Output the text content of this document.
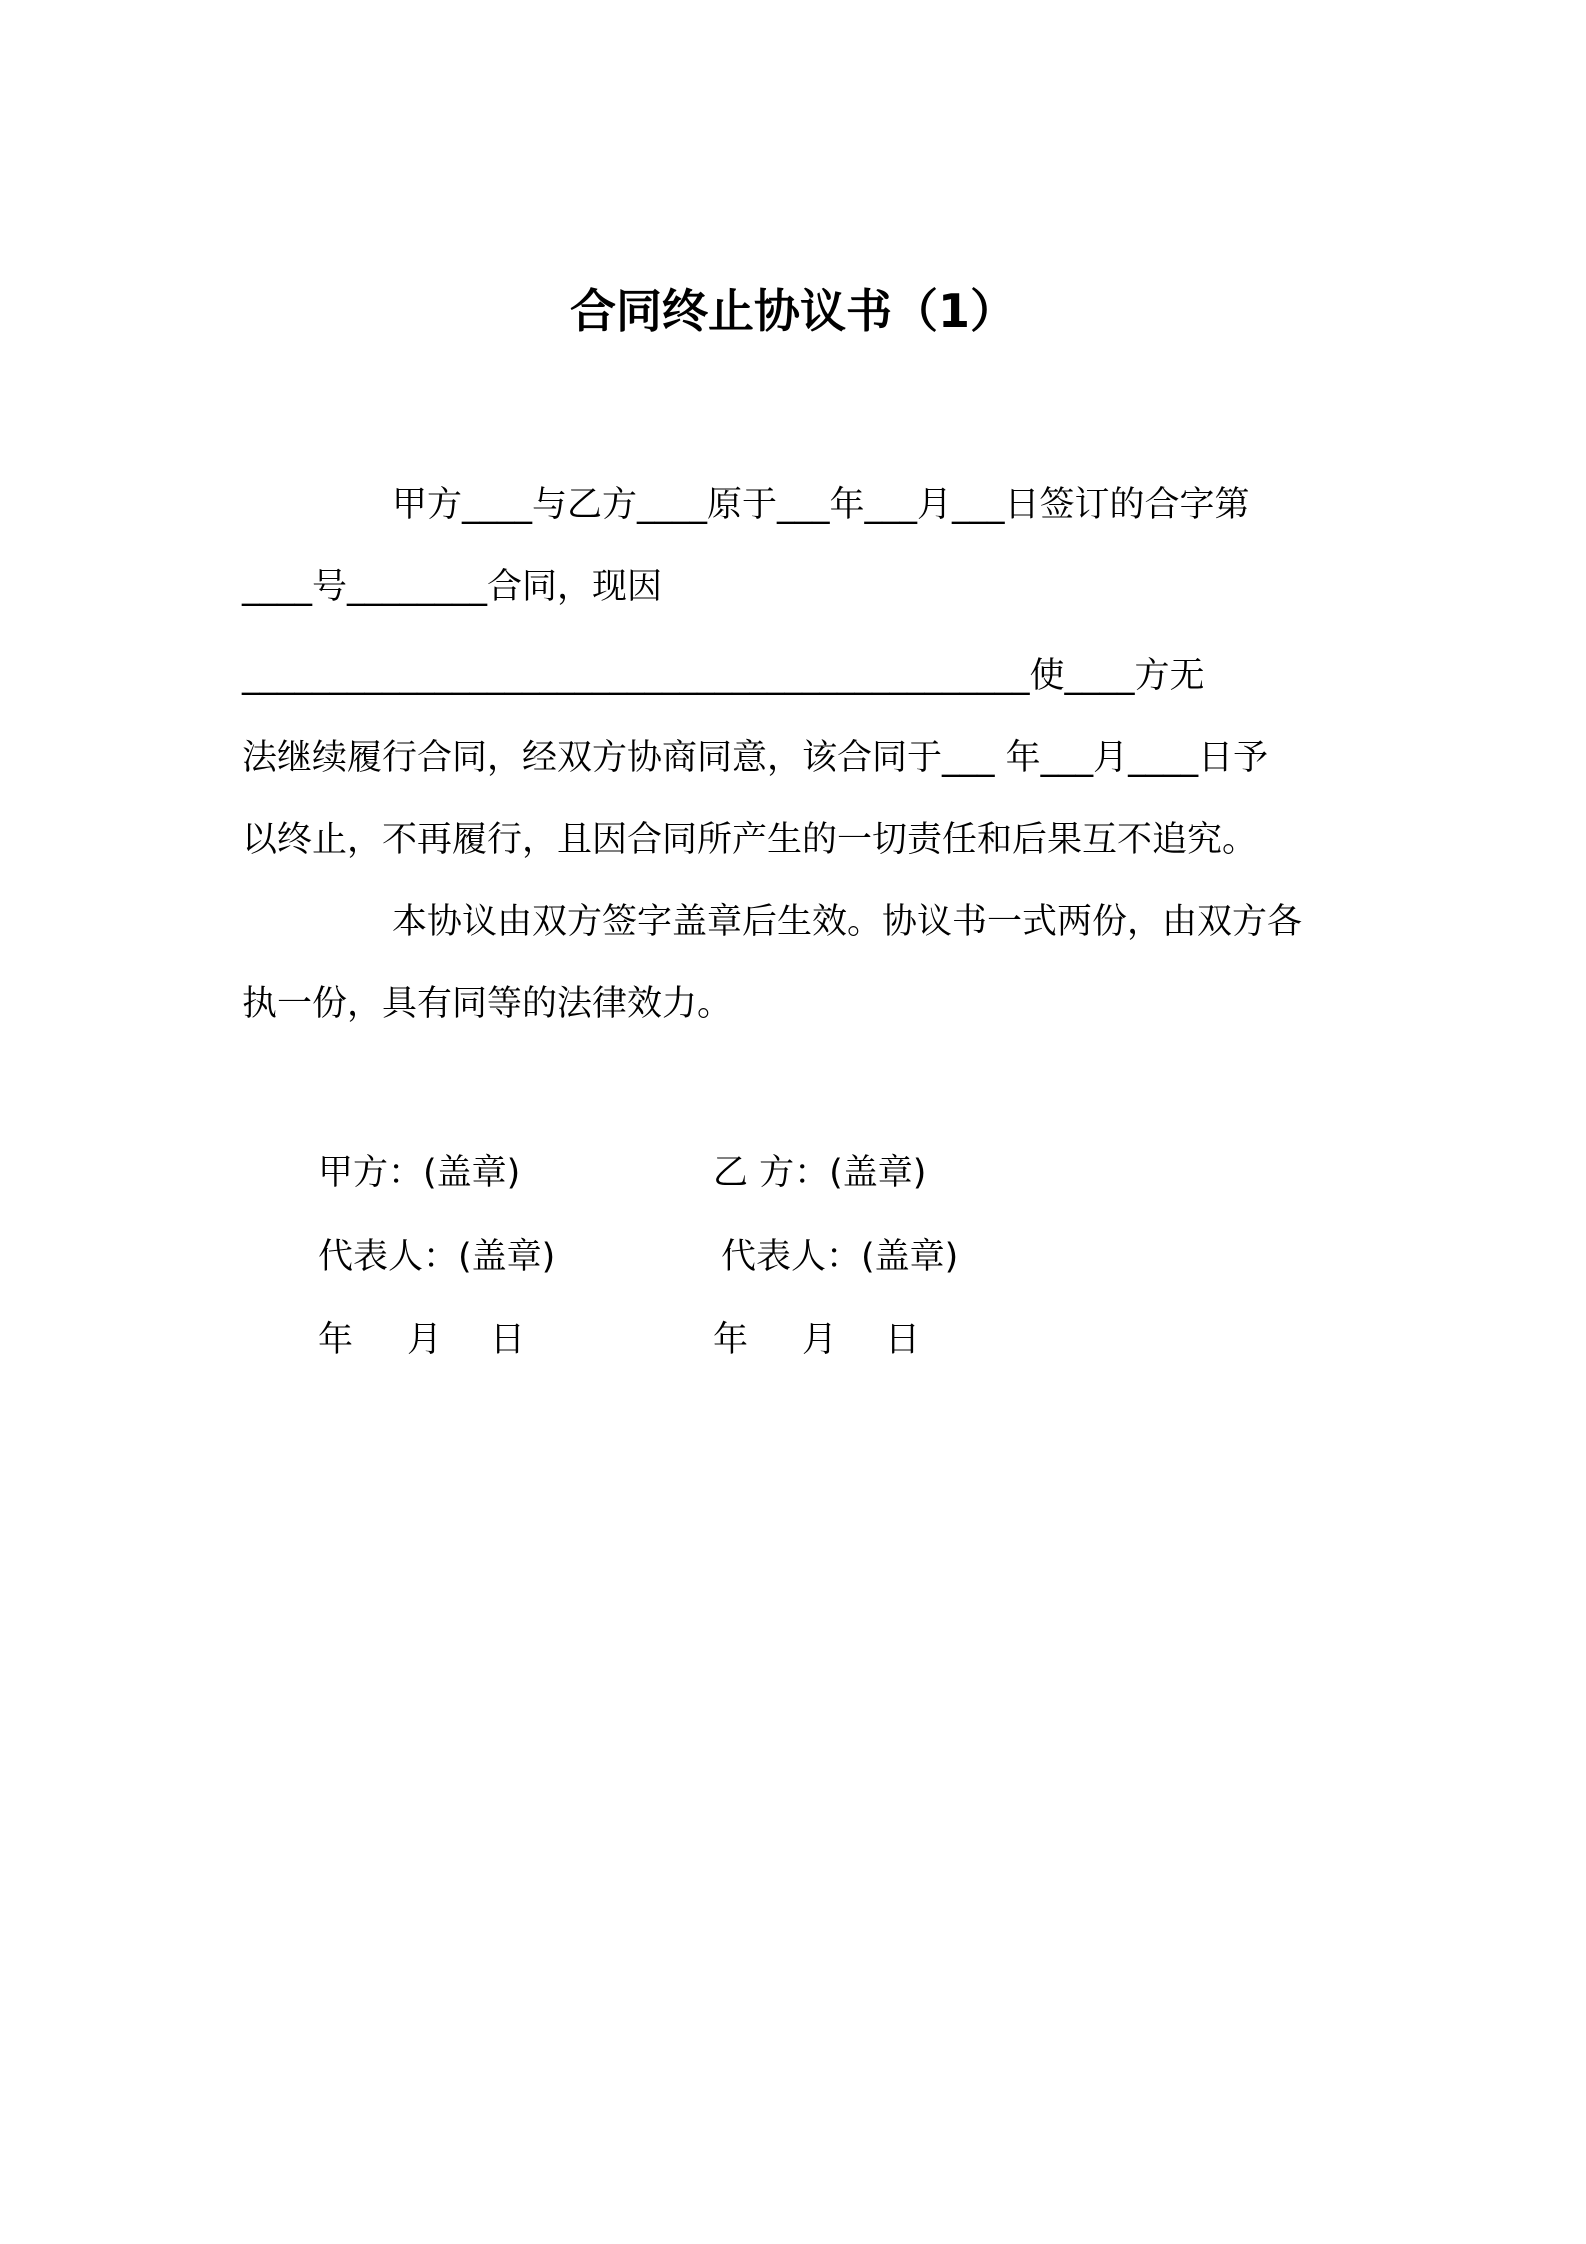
合同终止协议书（1）
甲方____与乙方____原于___年___月___日签订的合字第
____号________合同，现因
_____________________________________________使____方无
法继续履行合同，经双方协商同意，该合同于___ 年___月____日予
以终止，不再履行，且因合同所产生的一切责任和后果互不追究。
本协议由双方签字盖章后生效。协议书一式两份，由双方各
执一份，具有同等的法律效力。
甲方：(盖章)
代表人：(盖章)
年 月 日
乙 方：(盖章)
代表人：(盖章)
年 月 日
